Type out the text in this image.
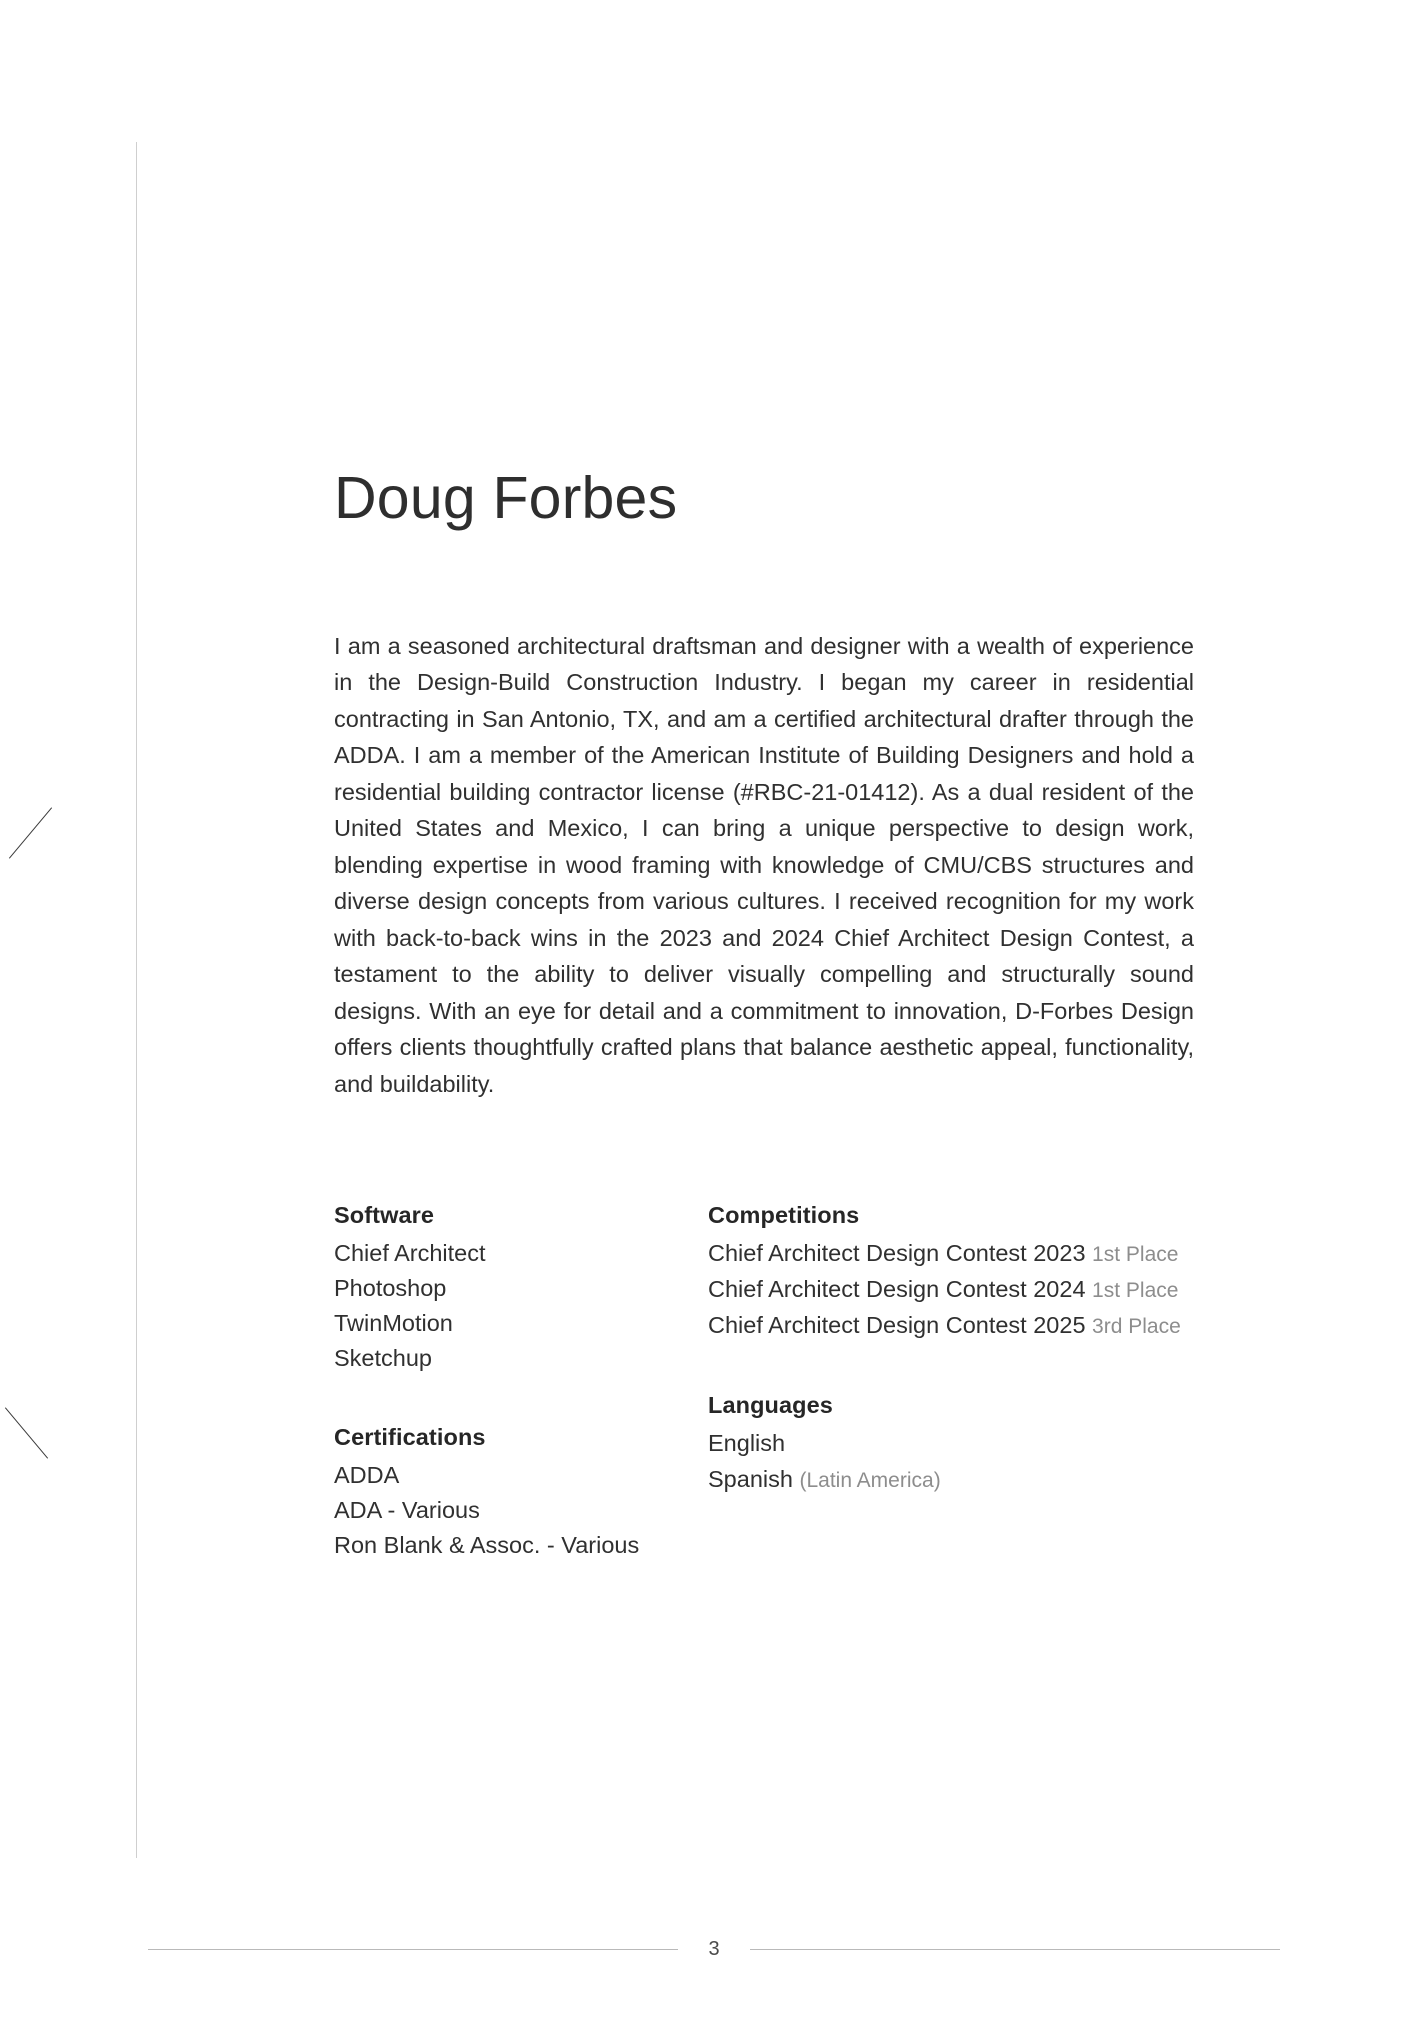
Doug Forbes

I am a seasoned architectural draftsman and designer with a wealth of experience in the Design-Build Construction Industry. I began my career in residential contracting in San Antonio, TX, and am a certified architectural drafter through the ADDA. I am a member of the American Institute of Building Designers and hold a residential building contractor license (#RBC-21-01412). As a dual resident of the United States and Mexico, I can bring a unique perspective to design work, blending expertise in wood framing with knowledge of CMU/CBS structures and diverse design concepts from various cultures. I received recognition for my work with back-to-back wins in the 2023 and 2024 Chief Architect Design Contest, a testament to the ability to deliver visually compelling and structurally sound designs. With an eye for detail and a commitment to innovation, D-Forbes Design offers clients thoughtfully crafted plans that balance aesthetic appeal, functionality, and buildability.

Software
Chief Architect
Photoshop
TwinMotion
Sketchup
Certifications
ADDA
ADA - Various
Ron Blank & Assoc. - Various
Competitions
Chief Architect Design Contest 2023 1st Place
Chief Architect Design Contest 2024 1st Place
Chief Architect Design Contest 2025 3rd Place
Languages
English
Spanish (Latin America)
3
